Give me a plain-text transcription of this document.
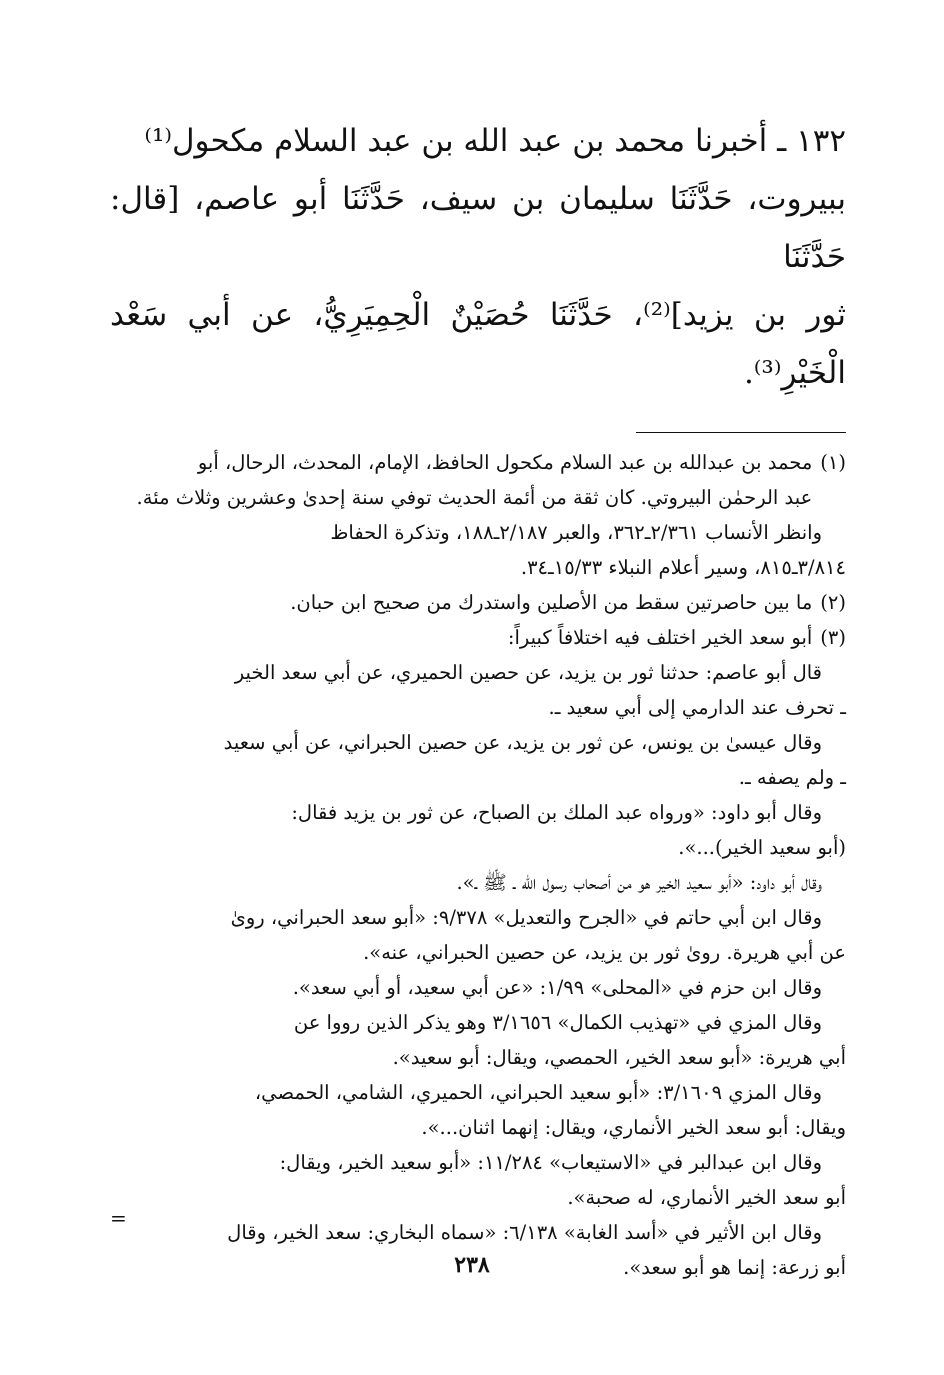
١٣٢ ـ أخبرنا محمد بن عبد الله بن عبد السلام مكحول⁽¹⁾

ببيروت، حَدَّثَنَا سليمان بن سيف، حَدَّثَنَا أبو عاصم، [قال: حَدَّثَنَا

ثور بن يزيد]⁽²⁾، حَدَّثَنَا حُصَيْنٌ الْحِمِيَرِيُّ، عن أبي سَعْد الْخَيْرِ⁽³⁾.

(١)

محمد بن عبدالله بن عبد السلام مكحول الحافظ، الإمام، المحدث، الرحال، أبو

عبد الرحمٰن البيروتي. كان ثقة من أئمة الحديث توفي سنة إحدىٰ وعشرين وثلاث مئة.

وانظر الأنساب ٢/٣٦١ـ٣٦٢، والعبر ٢/١٨٧ـ١٨٨، وتذكرة الحفاظ

٣/٨١٤ـ٨١٥، وسير أعلام النبلاء ١٥/٣٣ـ٣٤.

(٢)

ما بين حاصرتين سقط من الأصلين واستدرك من صحيح ابن حبان.

(٣)

أبو سعد الخير اختلف فيه اختلافاً كبيراً:

قال أبو عاصم: حدثنا ثور بن يزيد، عن حصين الحميري، عن أبي سعد الخير

ـ تحرف عند الدارمي إلى أبي سعيد ـ.

وقال عيسىٰ بن يونس، عن ثور بن يزيد، عن حصين الحبراني، عن أبي سعيد

ـ ولم يصفه ـ.

وقال أبو داود: «ورواه عبد الملك بن الصباح، عن ثور بن يزيد فقال:

(أبو سعيد الخير)...».

وقال أبو داود: «أبو سعيد الخير هو من أصحاب رسول الله ـ ﷺ ـ».

وقال ابن أبي حاتم في «الجرح والتعديل» ٩/٣٧٨: «أبو سعد الحبراني، روىٰ

عن أبي هريرة. روىٰ ثور بن يزيد، عن حصين الحبراني، عنه».

وقال ابن حزم في «المحلى» ١/٩٩: «عن أبي سعيد، أو أبي سعد».

وقال المزي في «تهذيب الكمال» ٣/١٦٥٦ وهو يذكر الذين رووا عن

أبي هريرة: «أبو سعد الخير، الحمصي، ويقال: أبو سعيد».

وقال المزي ٣/١٦٠٩: «أبو سعيد الحبراني، الحميري، الشامي، الحمصي،

ويقال: أبو سعد الخير الأنماري، ويقال: إنهما اثنان...».

وقال ابن عبدالبر في «الاستيعاب» ١١/٢٨٤: «أبو سعيد الخير، ويقال:

أبو سعد الخير الأنماري، له صحبة».

وقال ابن الأثير في «أسد الغابة» ٦/١٣٨: «سماه البخاري: سعد الخير، وقال

أبو زرعة: إنما هو أبو سعد».

=
٢٣٨
